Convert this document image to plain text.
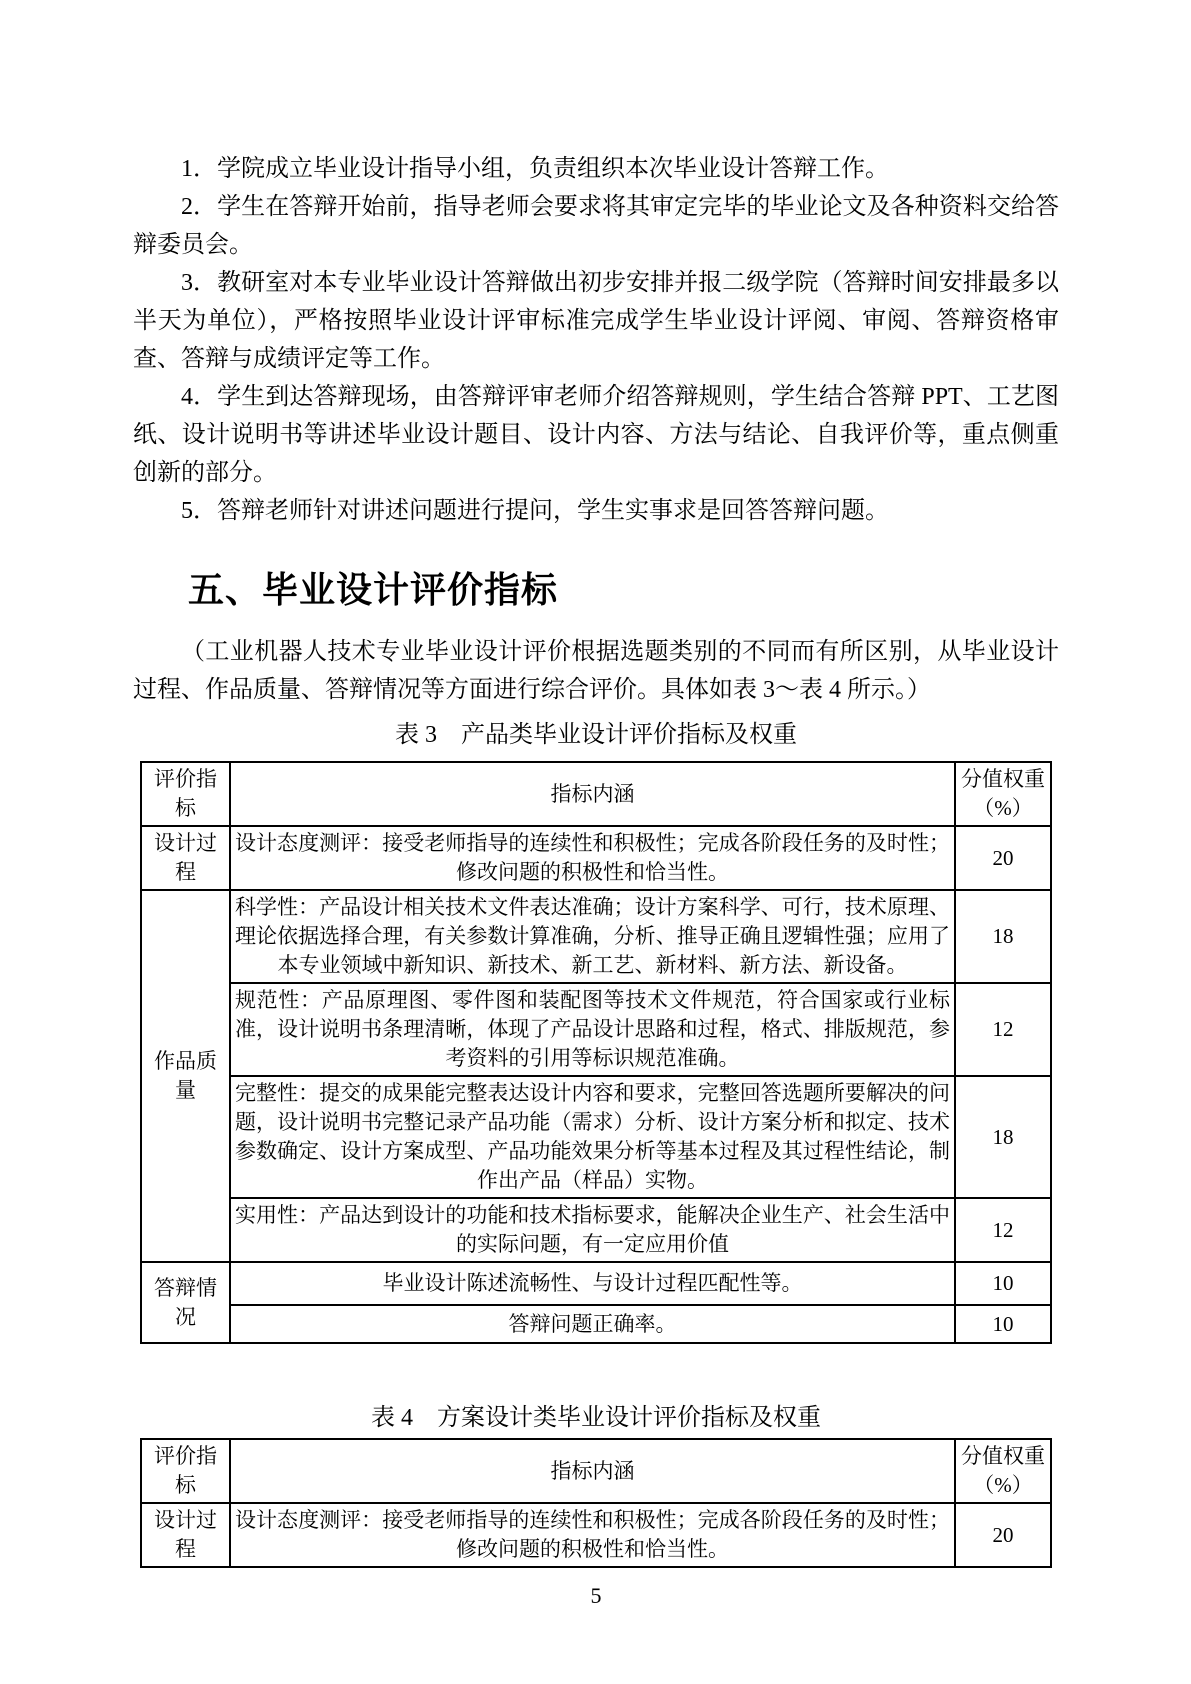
1．学院成立毕业设计指导小组，负责组织本次毕业设计答辩工作。

2．学生在答辩开始前，指导老师会要求将其审定完毕的毕业论文及各种资料交给答辩委员会。

3．教研室对本专业毕业设计答辩做出初步安排并报二级学院（答辩时间安排最多以半天为单位），严格按照毕业设计评审标准完成学生毕业设计评阅、审阅、答辩资格审查、答辩与成绩评定等工作。

4．学生到达答辩现场，由答辩评审老师介绍答辩规则，学生结合答辩 PPT、工艺图纸、设计说明书等讲述毕业设计题目、设计内容、方法与结论、自我评价等，重点侧重创新的部分。

5．答辩老师针对讲述问题进行提问，学生实事求是回答答辩问题。

五、毕业设计评价指标

（工业机器人技术专业毕业设计评价根据选题类别的不同而有所区别，从毕业设计过程、作品质量、答辩情况等方面进行综合评价。具体如表 3～表 4 所示。）

表 3　产品类毕业设计评价指标及权重

评价指标	指标内涵	分值权重（%）
设计过程	设计态度测评：接受老师指导的连续性和积极性；完成各阶段任务的及时性；修改问题的积极性和恰当性。	20
作品质量	科学性：产品设计相关技术文件表达准确；设计方案科学、可行，技术原理、理论依据选择合理，有关参数计算准确，分析、推导正确且逻辑性强；应用了本专业领域中新知识、新技术、新工艺、新材料、新方法、新设备。	18
	规范性：产品原理图、零件图和装配图等技术文件规范，符合国家或行业标准，设计说明书条理清晰，体现了产品设计思路和过程，格式、排版规范，参考资料的引用等标识规范准确。	12
	完整性：提交的成果能完整表达设计内容和要求，完整回答选题所要解决的问题，设计说明书完整记录产品功能（需求）分析、设计方案分析和拟定、技术参数确定、设计方案成型、产品功能效果分析等基本过程及其过程性结论，制作出产品（样品）实物。	18
	实用性：产品达到设计的功能和技术指标要求，能解决企业生产、社会生活中的实际问题，有一定应用价值	12
答辩情况	毕业设计陈述流畅性、与设计过程匹配性等。	10
	答辩问题正确率。	10

表 4　方案设计类毕业设计评价指标及权重

评价指标	指标内涵	分值权重（%）
设计过程	设计态度测评：接受老师指导的连续性和积极性；完成各阶段任务的及时性；修改问题的积极性和恰当性。	20

5
